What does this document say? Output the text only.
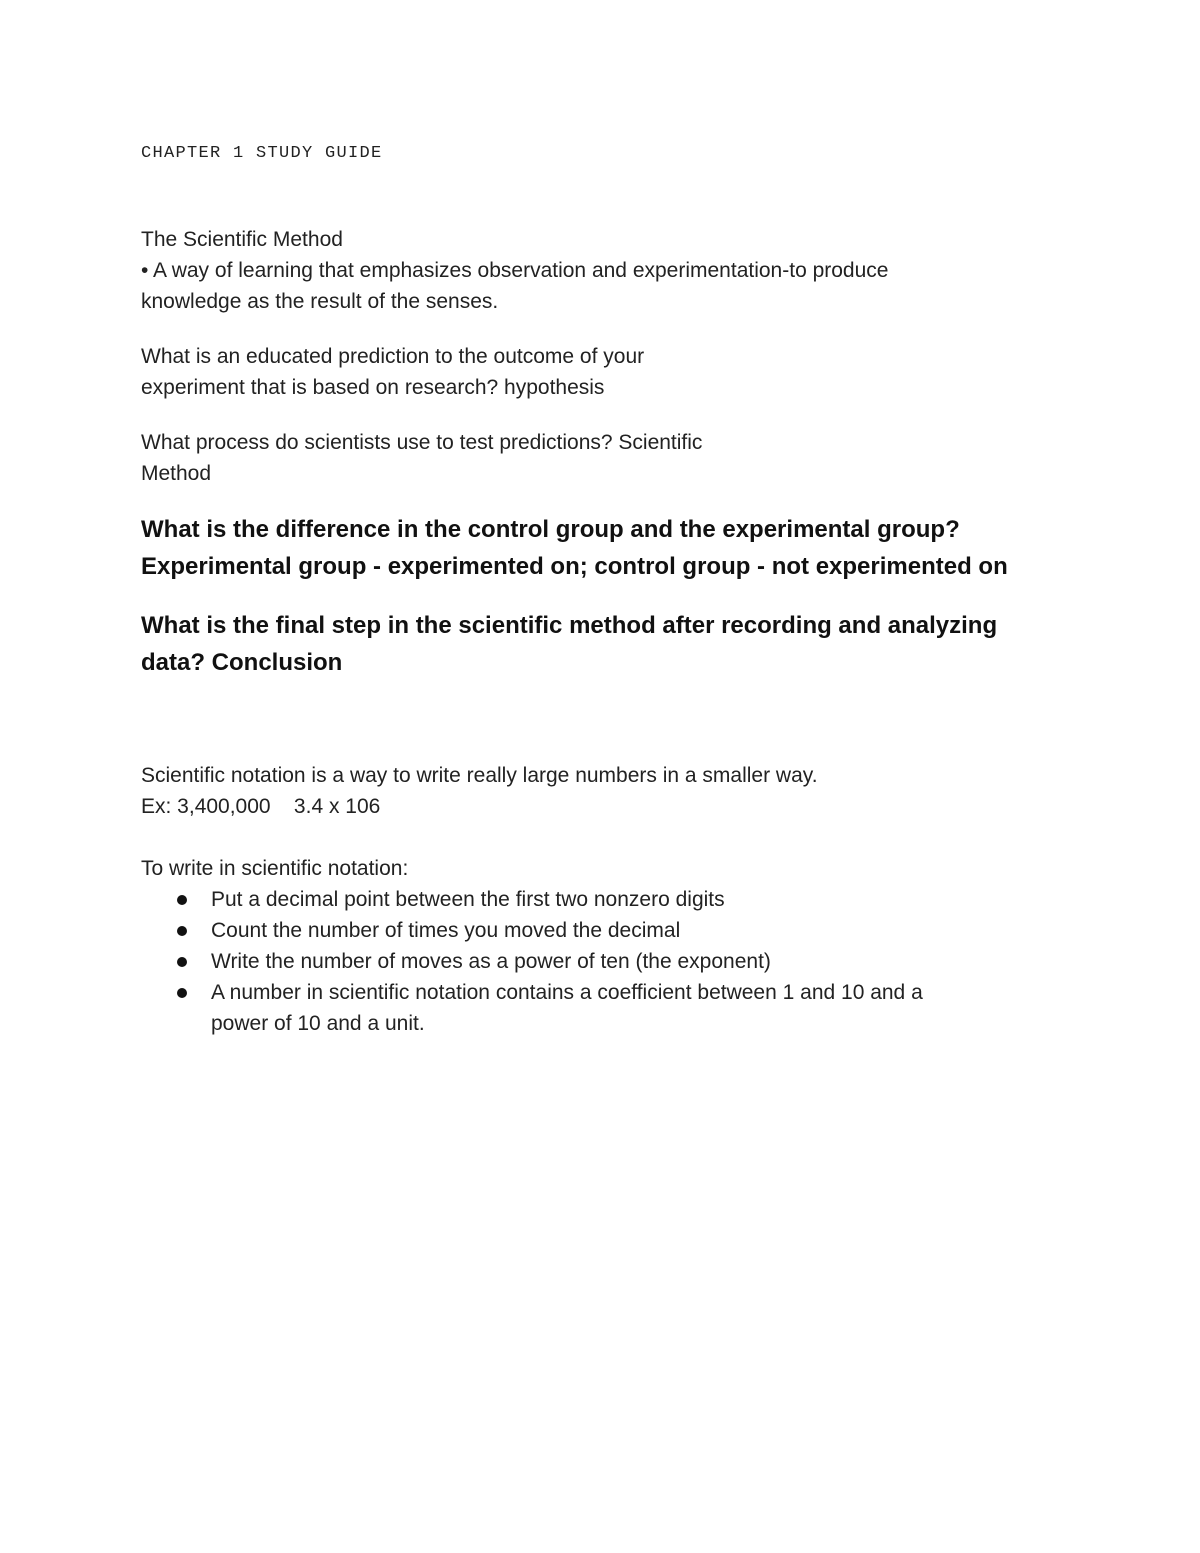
CHAPTER 1 STUDY GUIDE

The Scientific Method

• A way of learning that emphasizes observation and experimentation-to produce

knowledge as the result of the senses.

What is an educated prediction to the outcome of your

experiment that is based on research? hypothesis

What process do scientists use to test predictions? Scientific

Method

What is the difference in the control group and the experimental group?

Experimental group - experimented on; control group - not experimented on

What is the final step in the scientific method after recording and analyzing

data? Conclusion

Scientific notation is a way to write really large numbers in a smaller way.

Ex: 3,400,000    3.4 x 106

To write in scientific notation:

Put a decimal point between the first two nonzero digits
Count the number of times you moved the decimal
Write the number of moves as a power of ten (the exponent)
A number in scientific notation contains a coefficient between 1 and 10 and a
power of 10 and a unit.
